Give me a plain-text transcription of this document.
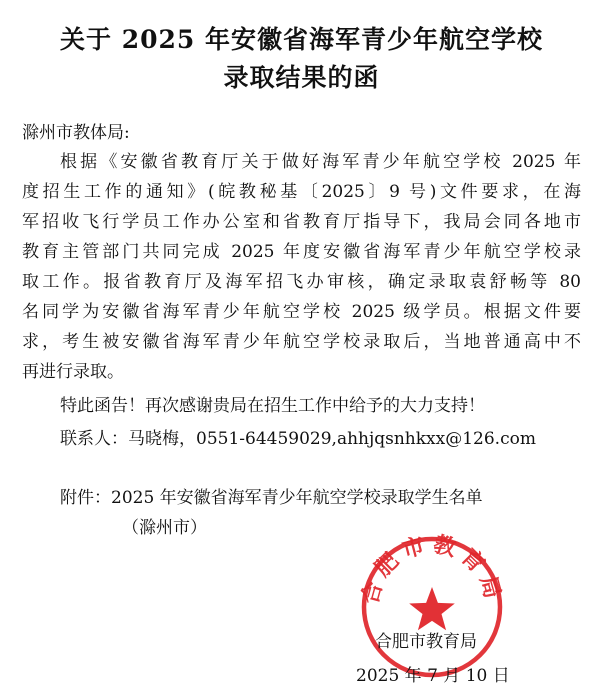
关于 2025 年安徽省海军青少年航空学校
录取结果的函

滁州市教体局:

根据《安徽省教育厅关于做好海军青少年航空学校 2025 年

度招生工作的通知》(皖教秘基〔2025〕9 号)文件要求，在海

军招收飞行学员工作办公室和省教育厅指导下，我局会同各地市

教育主管部门共同完成 2025 年度安徽省海军青少年航空学校录

取工作。报省教育厅及海军招飞办审核，确定录取袁舒畅等 80

名同学为安徽省海军青少年航空学校 2025 级学员。根据文件要

求，考生被安徽省海军青少年航空学校录取后，当地普通高中不

再进行录取。

特此函告！再次感谢贵局在招生工作中给予的大力支持！

联系人：马晓梅，0551-64459029,ahhjqsnhkxx@126.com

附件：2025 年安徽省海军青少年航空学校录取学生名单

（滁州市）

合肥市教育局

合肥市教育局

2025 年 7 月 10 日
